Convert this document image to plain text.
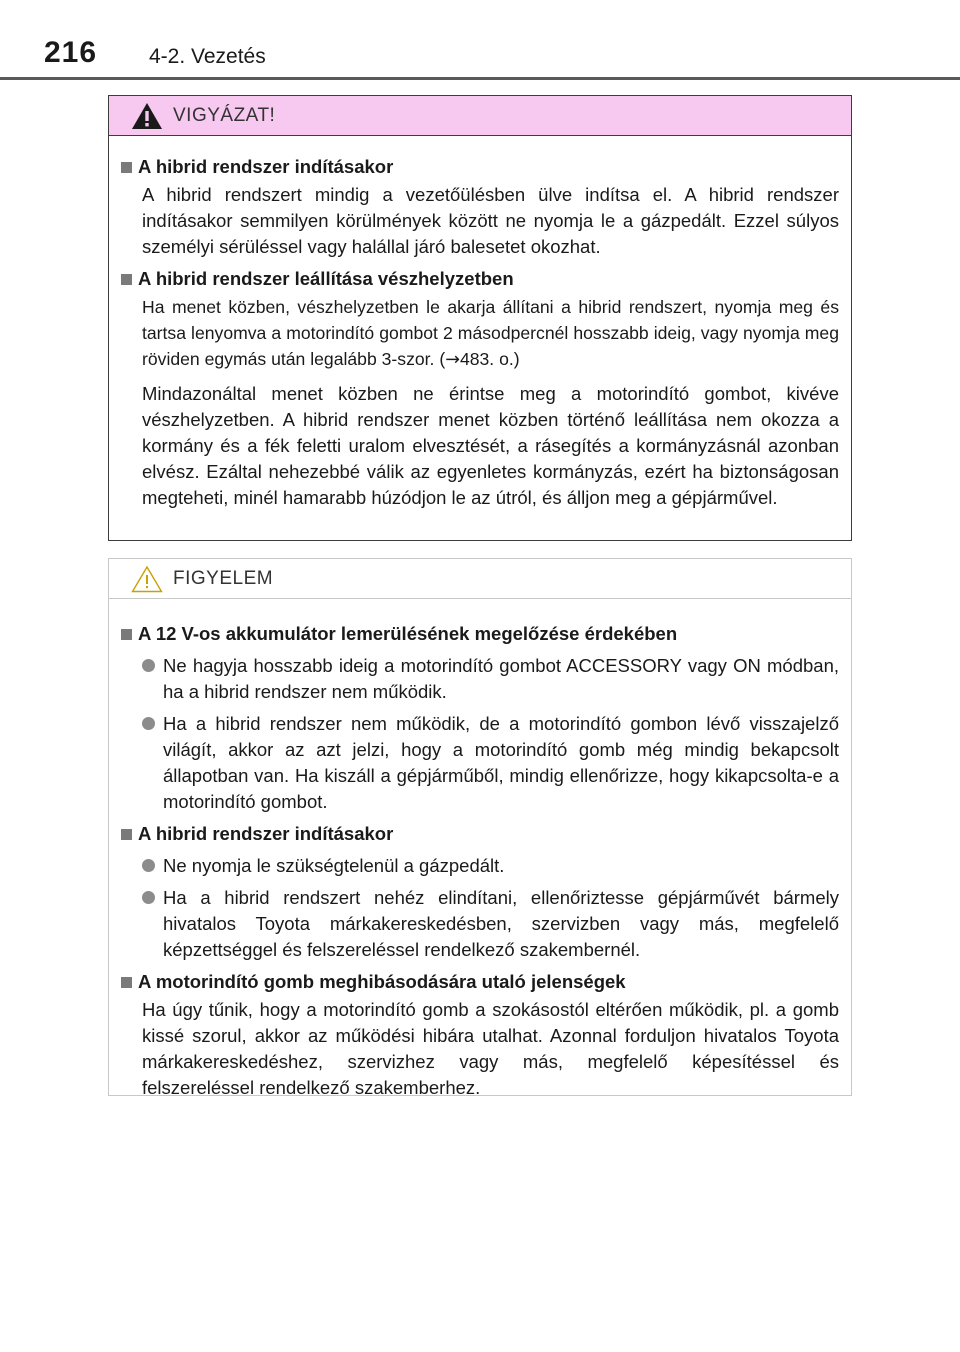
216 4-2. Vezetés
VIGYÁZAT!
A hibrid rendszer indításakor
A hibrid rendszert mindig a vezetőülésben ülve indítsa el. A hibrid rendszer indításakor semmilyen körülmények között ne nyomja le a gázpedált. Ezzel súlyos személyi sérüléssel vagy halállal járó balesetet okozhat.
A hibrid rendszer leállítása vészhelyzetben
Ha menet közben, vészhelyzetben le akarja állítani a hibrid rendszert, nyomja meg és tartsa lenyomva a motorindító gombot 2 másodpercnél hosszabb ideig, vagy nyomja meg röviden egymás után legalább 3-szor. (→483. o.)
Mindazonáltal menet közben ne érintse meg a motorindító gombot, kivéve vészhelyzetben. A hibrid rendszer menet közben történő leállítása nem okozza a kormány és a fék feletti uralom elvesztését, a rásegítés a kormányzásnál azonban elvész. Ezáltal nehezebbé válik az egyenletes kormányzás, ezért ha biztonságosan megteheti, minél hamarabb húzódjon le az útról, és álljon meg a gépjárművel.
FIGYELEM
A 12 V-os akkumulátor lemerülésének megelőzése érdekében
Ne hagyja hosszabb ideig a motorindító gombot ACCESSORY vagy ON módban, ha a hibrid rendszer nem működik.
Ha a hibrid rendszer nem működik, de a motorindító gombon lévő visszajelző világít, akkor az azt jelzi, hogy a motorindító gomb még mindig bekapcsolt állapotban van. Ha kiszáll a gépjárműből, mindig ellenőrizze, hogy kikapcsolta-e a motorindító gombot.
A hibrid rendszer indításakor
Ne nyomja le szükségtelenül a gázpedált.
Ha a hibrid rendszert nehéz elindítani, ellenőriztesse gépjárművét bármely hivatalos Toyota márkakereskedésben, szervizben vagy más, megfelelő képzettséggel és felszereléssel rendelkező szakembernél.
A motorindító gomb meghibásodására utaló jelenségek
Ha úgy tűnik, hogy a motorindító gomb a szokásostól eltérően működik, pl. a gomb kissé szorul, akkor az működési hibára utalhat. Azonnal forduljon hivatalos Toyota márkakereskedéshez, szervizhez vagy más, megfelelő képesítéssel és felszereléssel rendelkező szakemberhez.
